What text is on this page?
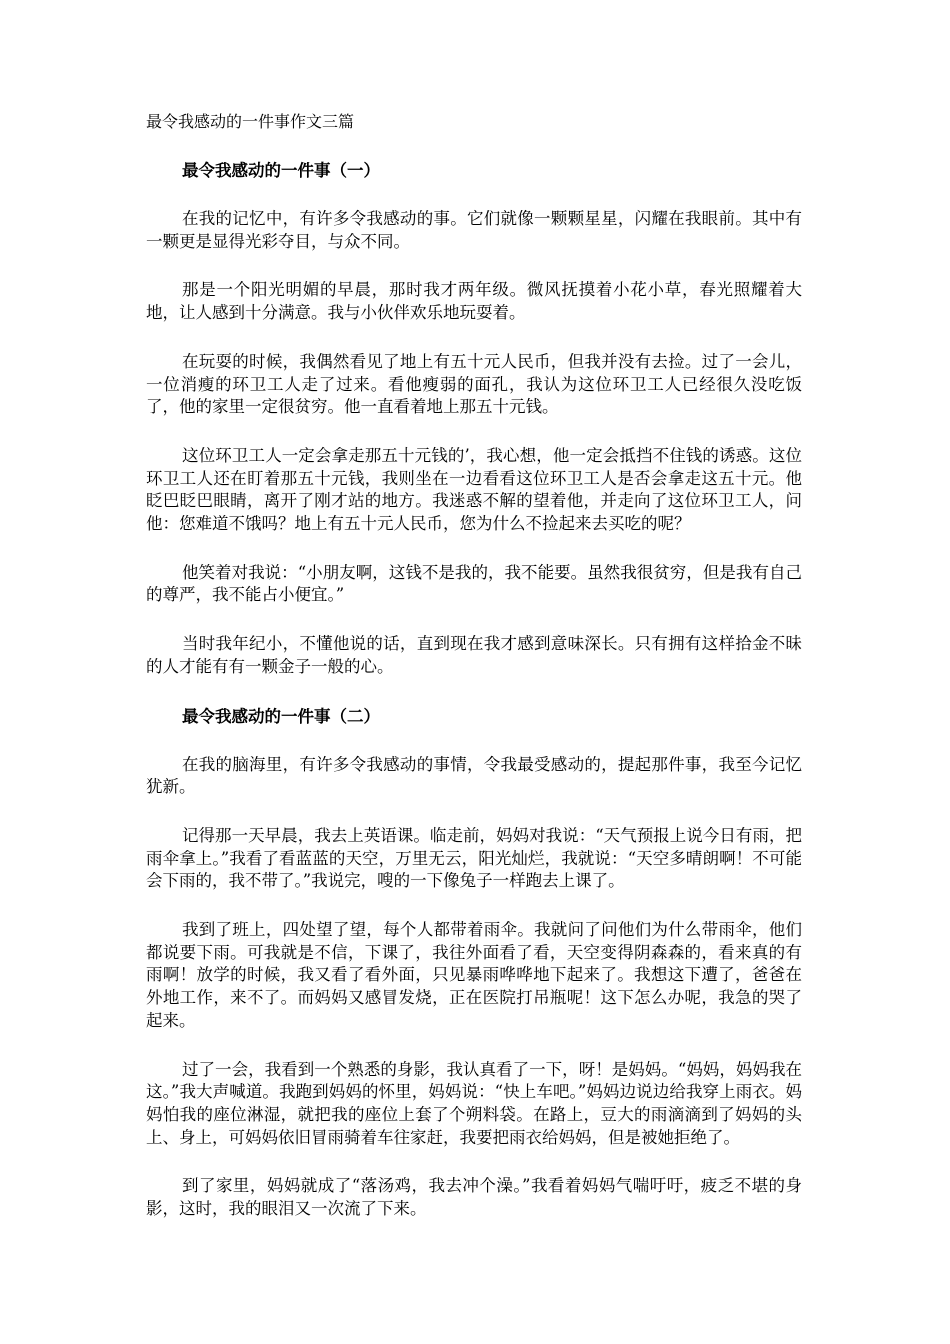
最令我感动的一件事作文三篇
最令我感动的一件事（一）

在我的记忆中，有许多令我感动的事。它们就像一颗颗星星，闪耀在我眼前。其中有一颗更是显得光彩夺目，与众不同。

那是一个阳光明媚的早晨，那时我才两年级。微风抚摸着小花小草，春光照耀着大地，让人感到十分满意。我与小伙伴欢乐地玩耍着。

在玩耍的时候，我偶然看见了地上有五十元人民币，但我并没有去捡。过了一会儿，一位消瘦的环卫工人走了过来。看他瘦弱的面孔，我认为这位环卫工人已经很久没吃饭了，他的家里一定很贫穷。他一直看着地上那五十元钱。

这位环卫工人一定会拿走那五十元钱的’，我心想，他一定会抵挡不住钱的诱惑。这位环卫工人还在盯着那五十元钱，我则坐在一边看看这位环卫工人是否会拿走这五十元。他眨巴眨巴眼睛，离开了刚才站的地方。我迷惑不解的望着他，并走向了这位环卫工人，问他：您难道不饿吗？地上有五十元人民币，您为什么不捡起来去买吃的呢？

他笑着对我说：“小朋友啊，这钱不是我的，我不能要。虽然我很贫穷，但是我有自己的尊严，我不能占小便宜。”

当时我年纪小，不懂他说的话，直到现在我才感到意味深长。只有拥有这样拾金不昧的人才能有有一颗金子一般的心。

最令我感动的一件事（二）

在我的脑海里，有许多令我感动的事情，令我最受感动的，提起那件事，我至今记忆犹新。

记得那一天早晨，我去上英语课。临走前，妈妈对我说：“天气预报上说今日有雨，把雨伞拿上。”我看了看蓝蓝的天空，万里无云，阳光灿烂，我就说：“天空多晴朗啊！不可能会下雨的，我不带了。”我说完，嗖的一下像兔子一样跑去上课了。

我到了班上，四处望了望，每个人都带着雨伞。我就问了问他们为什么带雨伞，他们都说要下雨。可我就是不信，下课了，我往外面看了看，天空变得阴森森的，看来真的有雨啊！放学的时候，我又看了看外面，只见暴雨哗哗地下起来了。我想这下遭了，爸爸在外地工作，来不了。而妈妈又感冒发烧，正在医院打吊瓶呢！这下怎么办呢，我急的哭了起来。

过了一会，我看到一个熟悉的身影，我认真看了一下，呀！是妈妈。“妈妈，妈妈我在这。”我大声喊道。我跑到妈妈的怀里，妈妈说：“快上车吧。”妈妈边说边给我穿上雨衣。妈妈怕我的座位淋湿，就把我的座位上套了个朔料袋。在路上，豆大的雨滴滴到了妈妈的头上、身上，可妈妈依旧冒雨骑着车往家赶，我要把雨衣给妈妈，但是被她拒绝了。

到了家里，妈妈就成了“落汤鸡，我去冲个澡。”我看着妈妈气喘吁吁，疲乏不堪的身影，这时，我的眼泪又一次流了下来。
